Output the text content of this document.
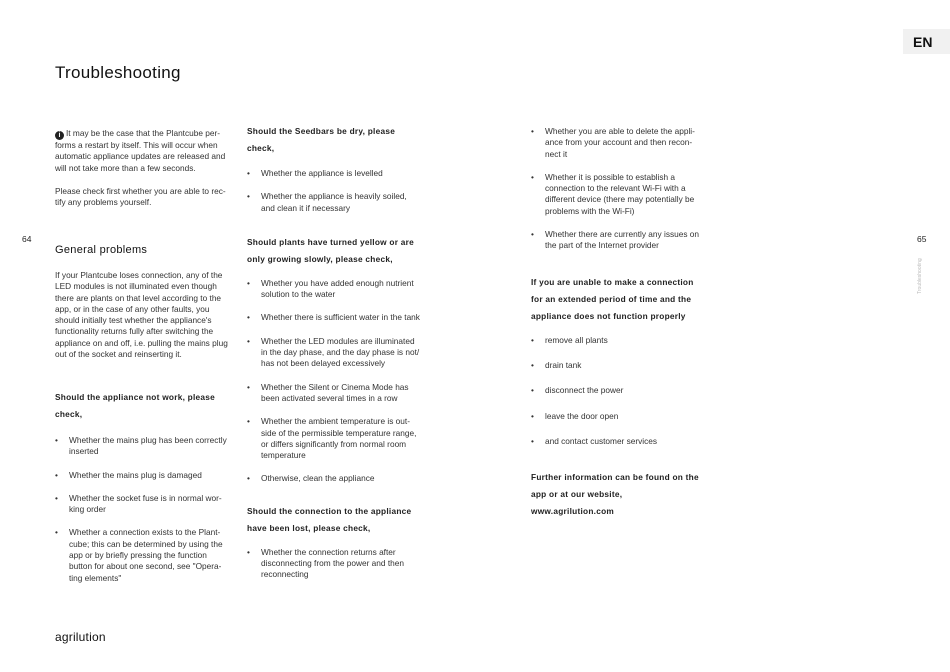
Troubleshooting
EN
64	65
Troubleshooting

i It may be the case that the Plantcube performs a restart by itself. This will occur when automatic appliance updates are released and will not take more than a few seconds.

Please check first whether you are able to rectify any problems yourself.

General problems

If your Plantcube loses connection, any of the LED modules is not illuminated even though there are plants on that level according to the app, or in the case of any other faults, you should initially test whether the appliance's functionality returns fully after switching the appliance on and off, i.e. pulling the mains plug out of the socket and reinserting it.

Should the appliance not work, please check,
• Whether the mains plug has been correctly inserted
• Whether the mains plug is damaged
• Whether the socket fuse is in normal working order
• Whether a connection exists to the Plantcube; this can be determined by using the app or by briefly pressing the function button for about one second, see "Operating elements"
Should the Seedbars be dry, please check,
• Whether the appliance is levelled
• Whether the appliance is heavily soiled, and clean it if necessary
Should plants have turned yellow or are only growing slowly, please check,
• Whether you have added enough nutrient solution to the water
• Whether there is sufficient water in the tank
• Whether the LED modules are illuminated in the day phase, and the day phase is not/ has not been delayed excessively
• Whether the Silent or Cinema Mode has been activated several times in a row
• Whether the ambient temperature is outside of the permissible temperature range, or differs significantly from normal room temperature
• Otherwise, clean the appliance
Should the connection to the appliance have been lost, please check,
• Whether the connection returns after disconnecting from the power and then reconnecting
• Whether you are able to delete the appliance from your account and then reconnect it
• Whether it is possible to establish a connection to the relevant Wi-Fi with a different device (there may potentially be problems with the Wi-Fi)
• Whether there are currently any issues on the part of the Internet provider
If you are unable to make a connection for an extended period of time and the appliance does not function properly
• remove all plants
• drain tank
• disconnect the power
• leave the door open
• and contact customer services
Further information can be found on the app or at our website, www.agrilution.com
agrilution
